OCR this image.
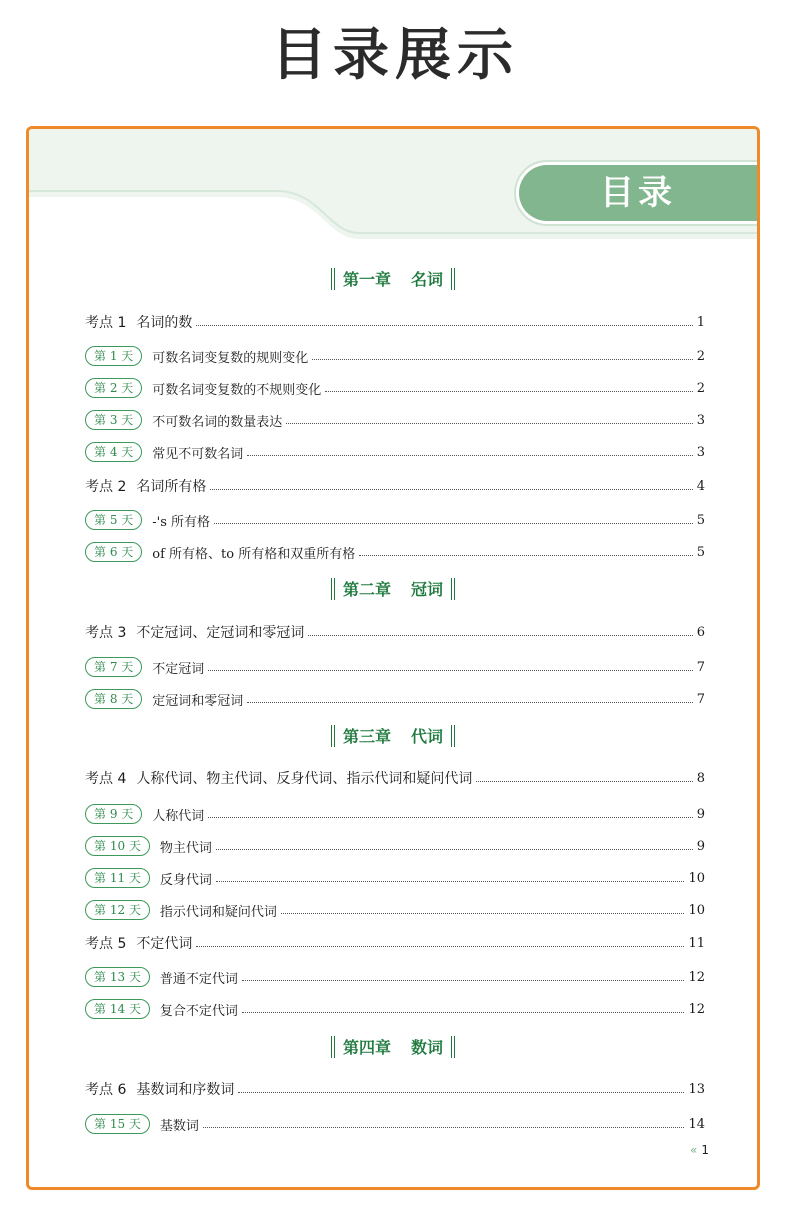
目录展示
目录
第一章 名词
第二章 冠词
第三章 代词
第四章 数词
考点 1 名词的数	1
第 1 天	可数名词变复数的规则变化	2
第 2 天	可数名词变复数的不规则变化	2
第 3 天	不可数名词的数量表达	3
第 4 天	常见不可数名词	3
考点 2 名词所有格	4
第 5 天	-'s 所有格	5
第 6 天	of 所有格、to 所有格和双重所有格	5
考点 3 不定冠词、定冠词和零冠词	6
第 7 天	不定冠词	7
第 8 天	定冠词和零冠词	7
考点 4 人称代词、物主代词、反身代词、指示代词和疑问代词	8
第 9 天	人称代词	9
第 10 天	物主代词	9
第 11 天	反身代词	10
第 12 天	指示代词和疑问代词	10
考点 5 不定代词	11
第 13 天	普通不定代词	12
第 14 天	复合不定代词	12
考点 6 基数词和序数词	13
第 15 天	基数词	14
« 1
